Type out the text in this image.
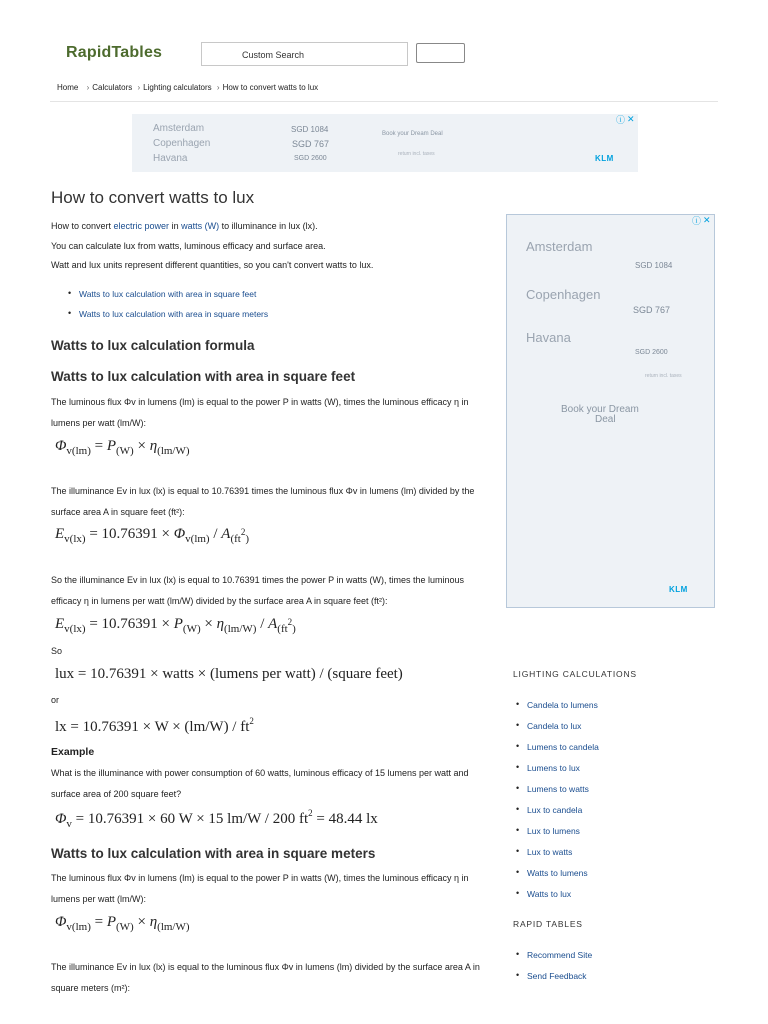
RapidTables	Custom Search
Home › Calculators › Lighting calculators › How to convert watts to lux
Amsterdam
Copenhagen
Havana
SGD 1084
SGD 767
SGD 2600
Book your Dream Deal
return incl. taxes	KLM
ⓘ ✕
How to convert watts to lux
How to convert electric power in watts (W) to illuminance in lux (lx).
You can calculate lux from watts, luminous efficacy and surface area.
Watt and lux units represent different quantities, so you can't convert watts to lux.
• Watts to lux calculation with area in square feet
• Watts to lux calculation with area in square meters
Watts to lux calculation formula
Watts to lux calculation with area in square feet
The luminous flux Φv in lumens (lm) is equal to the power P in watts (W), times the luminous efficacy η in lumens per watt (lm/W):
$\Phi_{v(lm)} = P_{(W)} \times \eta_{(lm/W)}$
The illuminance Ev in lux (lx) is equal to 10.76391 times the luminous flux Φv in lumens (lm) divided by the surface area A in square feet (ft²):
$E_{v(lx)} = 10.76391 \times \Phi_{v(lm)} / A_{(ft^2)}$
So the illuminance Ev in lux (lx) is equal to 10.76391 times the power P in watts (W), times the luminous efficacy η in lumens per watt (lm/W) divided by the surface area A in square feet (ft²):
$E_{v(lx)} = 10.76391 \times P_{(W)} \times \eta_{(lm/W)} / A_{(ft^2)}$
So
lux = 10.76391 × watts × (lumens per watt) / (square feet)
or
lx = $10.76391 \times W \times (lm/W) / ft^2$
Example
What is the illuminance with power consumption of 60 watts, luminous efficacy of 15 lumens per watt and surface area of 200 square feet?
$\Phi_v = 10.76391 \times 60$ W × 15 lm/W / 200 $ft^2 = 48.44$ lx
Watts to lux calculation with area in square meters
The luminous flux Φv in lumens (lm) is equal to the power P in watts (W), times the luminous efficacy η in lumens per watt (lm/W):
$\Phi_{v(lm)} = P_{(W)} \times \eta_{(lm/W)}$
The illuminance Ev in lux (lx) is equal to the luminous flux Φv in lumens (lm) divided by the surface area A in square meters (m²):
ⓘ ✕
Amsterdam
SGD 1084
Copenhagen
SGD 767
Havana
SGD 2600
return incl. taxes
Book your Dream
Deal
KLM
LIGHTING CALCULATIONS
• Candela to lumens
• Candela to lux
• Lumens to candela
• Lumens to lux
• Lumens to watts
• Lux to candela
• Lux to lumens
• Lux to watts
• Watts to lumens
• Watts to lux
RAPID TABLES
• Recommend Site
• Send Feedback
